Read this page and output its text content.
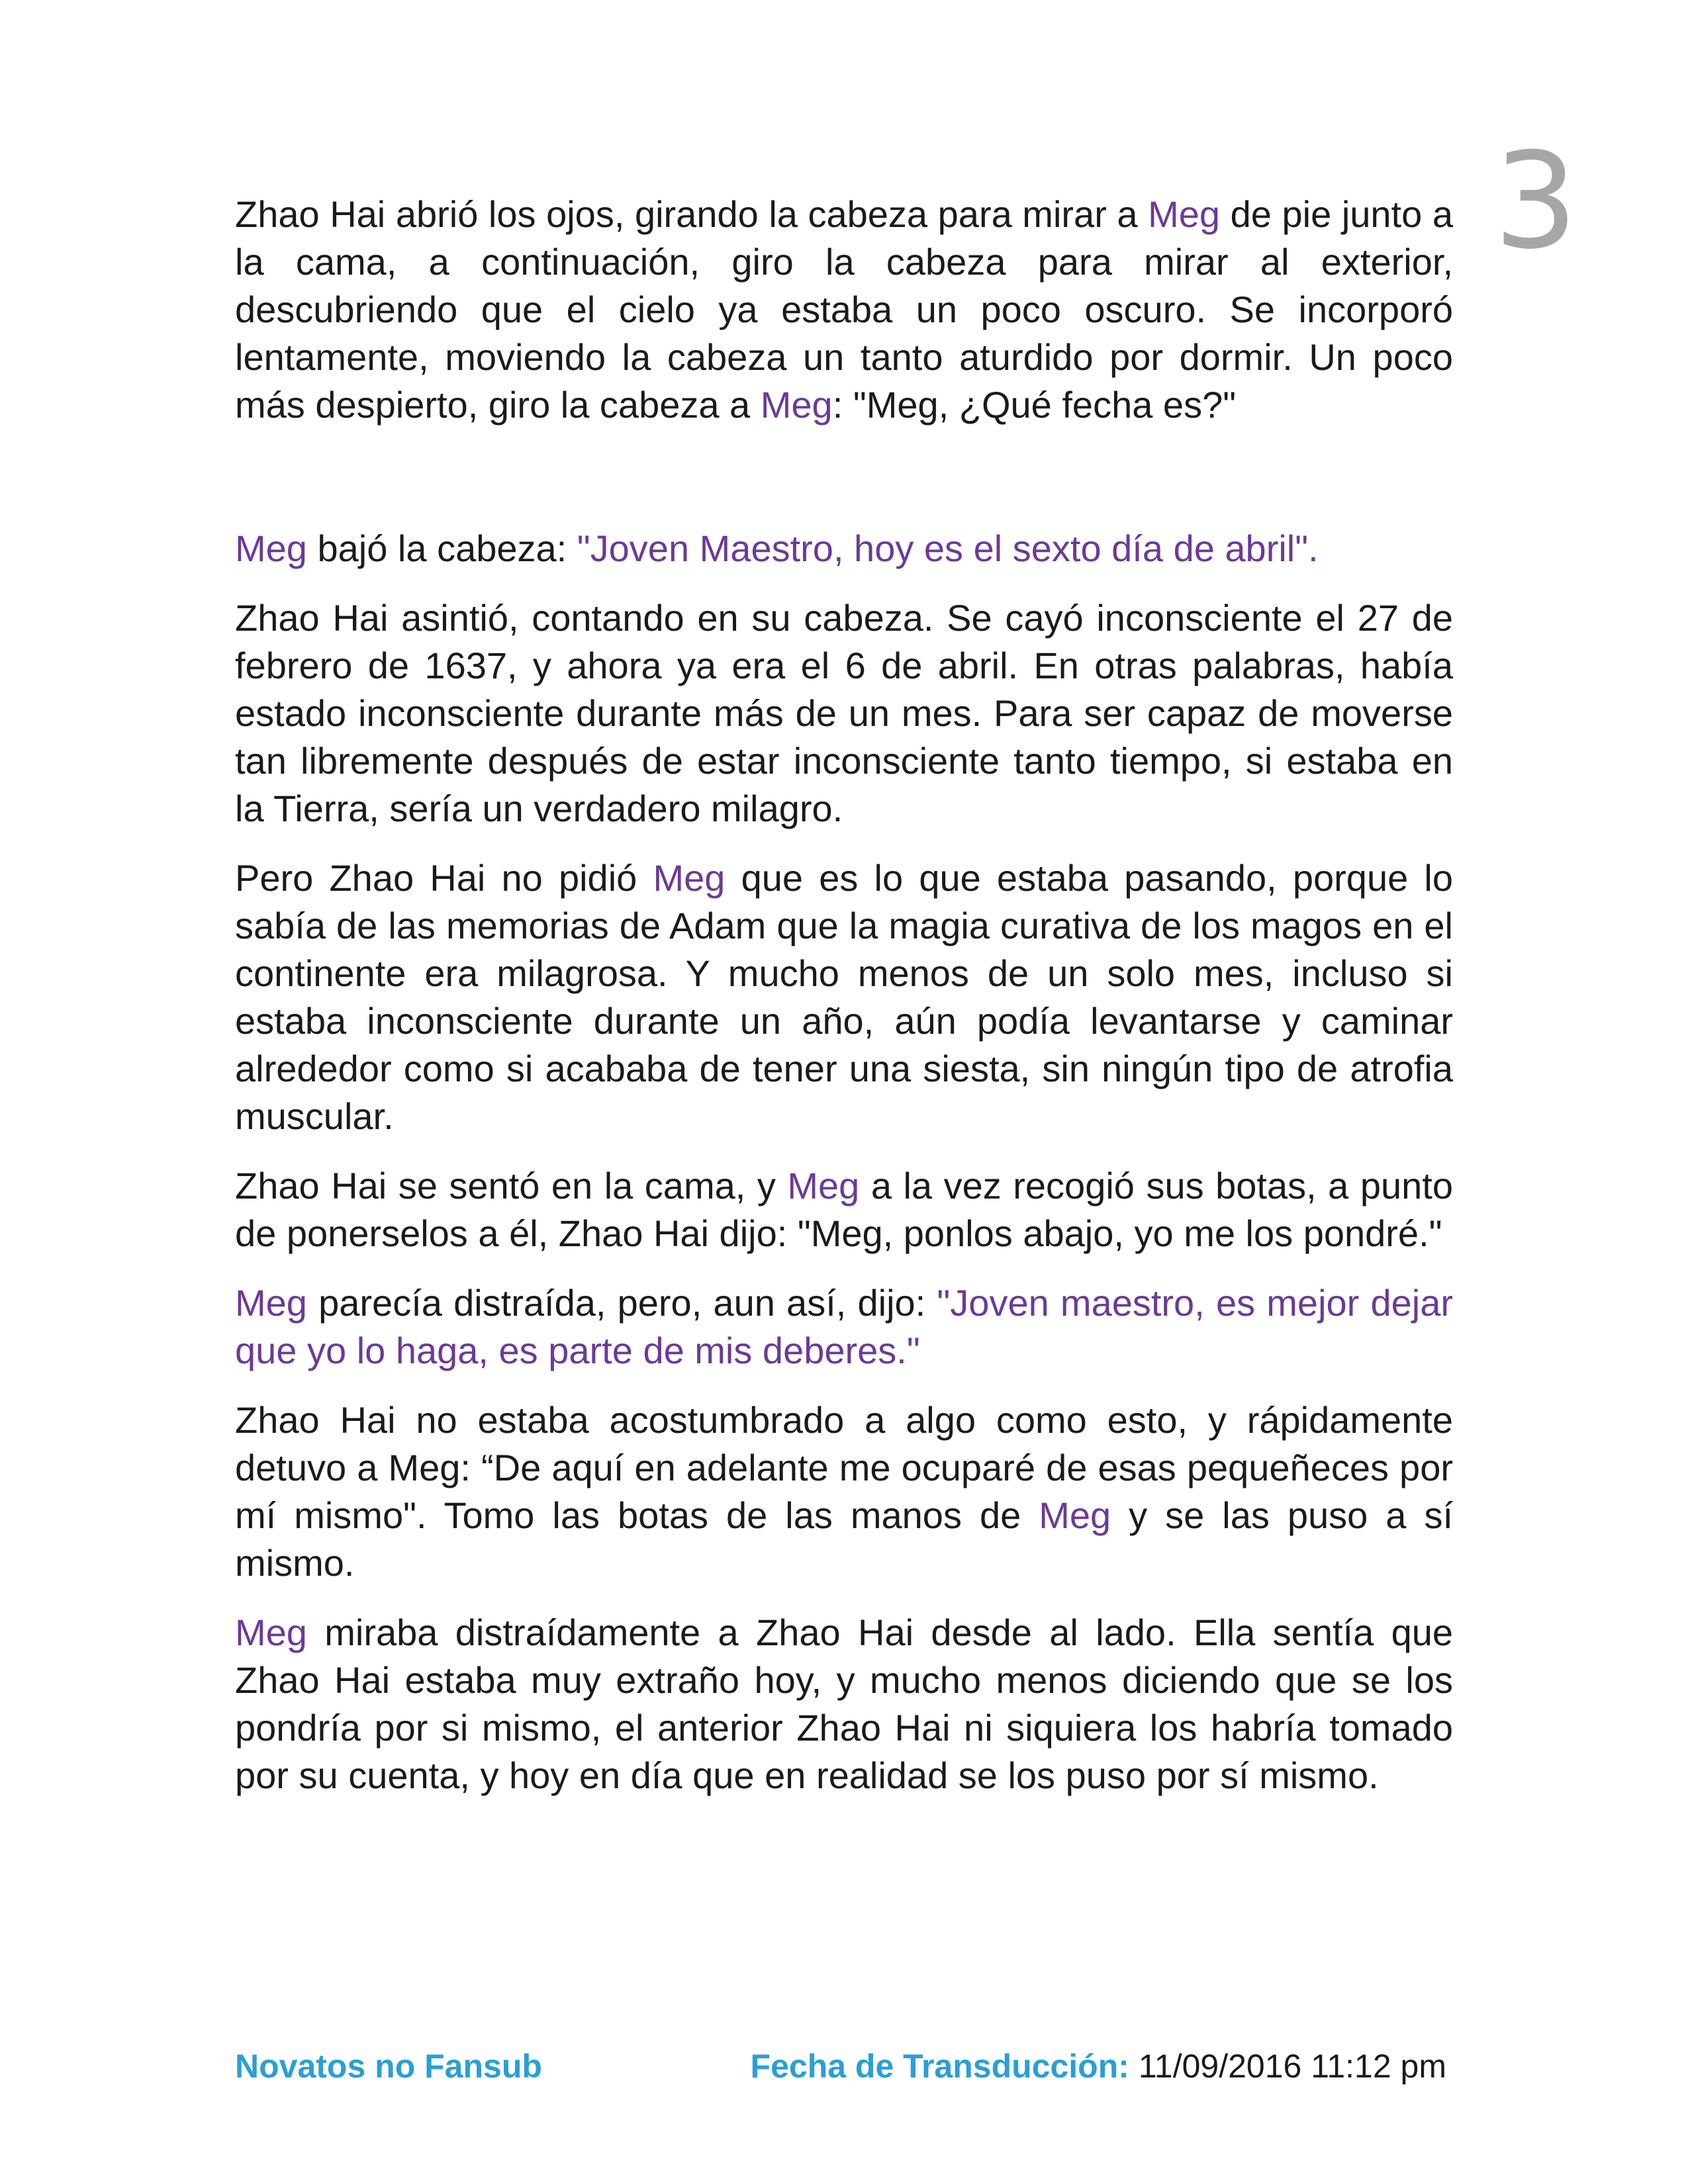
3

Zhao Hai abrió los ojos, girando la cabeza para mirar a Meg de pie junto a la cama, a continuación, giro la cabeza para mirar al exterior, descubriendo que el cielo ya estaba un poco oscuro. Se incorporó lentamente, moviendo la cabeza un tanto aturdido por dormir. Un poco más despierto, giro la cabeza a Meg: "Meg, ¿Qué fecha es?"

Meg bajó la cabeza: "Joven Maestro, hoy es el sexto día de abril".

Zhao Hai asintió, contando en su cabeza. Se cayó inconsciente el 27 de febrero de 1637, y ahora ya era el 6 de abril. En otras palabras, había estado inconsciente durante más de un mes. Para ser capaz de moverse tan libremente después de estar inconsciente tanto tiempo, si estaba en la Tierra, sería un verdadero milagro.

Pero Zhao Hai no pidió Meg que es lo que estaba pasando, porque lo sabía de las memorias de Adam que la magia curativa de los magos en el continente era milagrosa. Y mucho menos de un solo mes, incluso si estaba inconsciente durante un año, aún podía levantarse y caminar alrededor como si acababa de tener una siesta, sin ningún tipo de atrofia muscular.

Zhao Hai se sentó en la cama, y Meg a la vez recogió sus botas, a punto de ponerselos a él, Zhao Hai dijo: "Meg, ponlos abajo, yo me los pondré."

Meg parecía distraída, pero, aun así, dijo: "Joven maestro, es mejor dejar que yo lo haga, es parte de mis deberes."

Zhao Hai no estaba acostumbrado a algo como esto, y rápidamente detuvo a Meg: “De aquí en adelante me ocuparé de esas pequeñeces por mí mismo". Tomo las botas de las manos de Meg y se las puso a sí mismo.

Meg miraba distraídamente a Zhao Hai desde al lado. Ella sentía que Zhao Hai estaba muy extraño hoy, y mucho menos diciendo que se los pondría por si mismo, el anterior Zhao Hai ni siquiera los habría tomado por su cuenta, y hoy en día que en realidad se los puso por sí mismo.

Novatos no Fansub	Fecha de Transducción: 11/09/2016 11:12 pm
